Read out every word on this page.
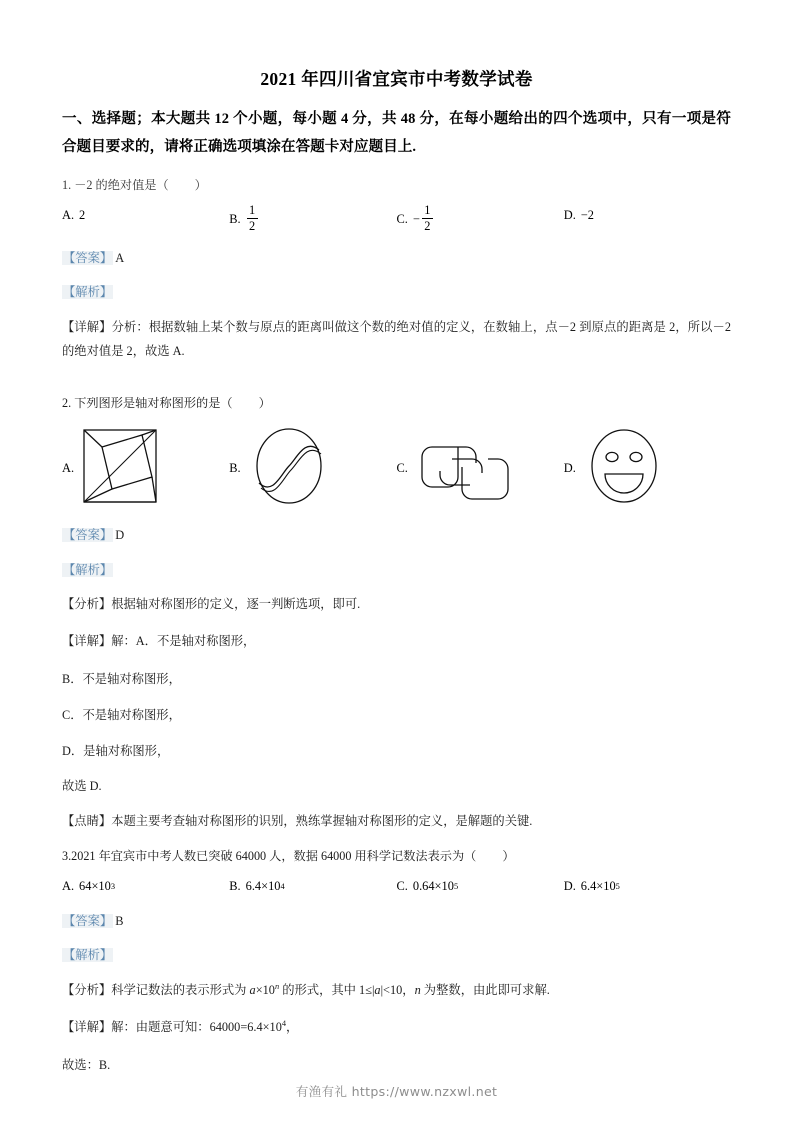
2021 年四川省宜宾市中考数学试卷
一、选择题；本大题共 12 个小题，每小题 4 分，共 48 分，在每小题给出的四个选项中，只有一项是符合题目要求的，请将正确选项填涂在答题卡对应题目上.
1. －2 的绝对值是（ ）
A. 2	B. $\frac{1}{2}$	C. − $\frac{1}{2}$	D. −2
【答案】 A
【解析】
【详解】分析：根据数轴上某个数与原点的距离叫做这个数的绝对值的定义，在数轴上，点－2 到原点的距离是 2，所以－2 的绝对值是 2，故选 A.
2. 下列图形是轴对称图形的是（ ）
A.	B.	C.	D.
【答案】 D
【解析】
【分析】根据轴对称图形的定义，逐一判断选项，即可.
【详解】解：A．不是轴对称图形，
B．不是轴对称图形，
C．不是轴对称图形，
D．是轴对称图形，
故选 D.
【点睛】本题主要考查轴对称图形的识别，熟练掌握轴对称图形的定义，是解题的关键.
3.2021 年宜宾市中考人数已突破 64000 人，数据 64000 用科学记数法表示为（ ）
A. 64×10 3	B. 6.4×10 4	C. 0.64×10 5	D. 6.4×10 5
【答案】 B
【解析】
【分析】科学记数法的表示形式为 $a\times 10^n$ 的形式，其中 1≤|a|<10，n 为整数，由此即可求解.
【详解】解：由题意可知：$64000=6.4\times 10^4$，
故选：B.
有渔有礼 https://www.nzxwl.net
